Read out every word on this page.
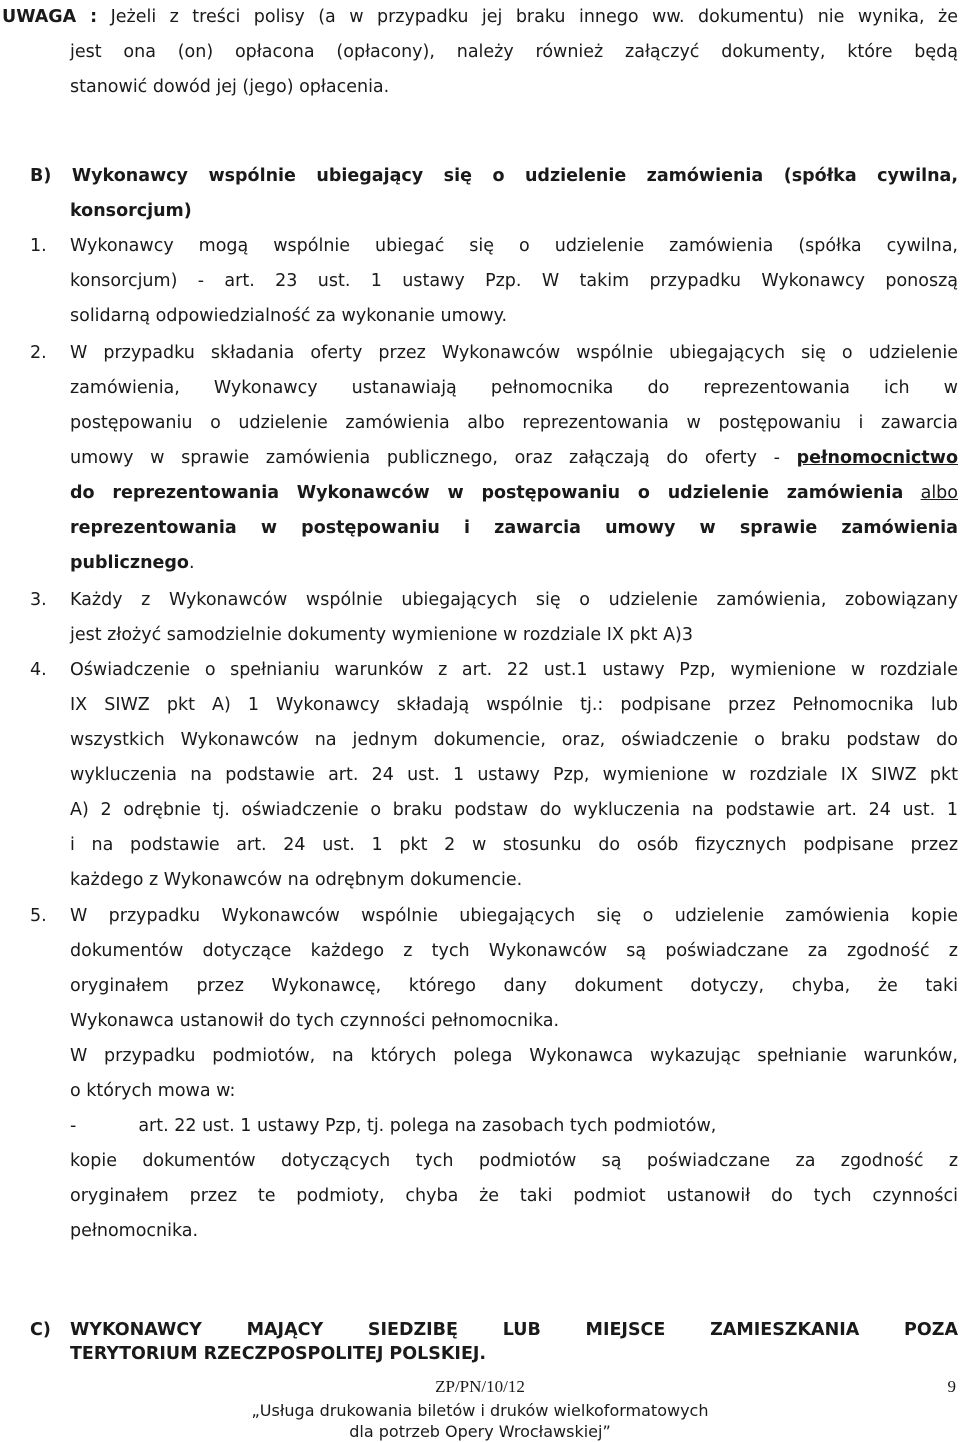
UWAGA : Jeżeli z treści polisy (a w przypadku jej braku innego ww. dokumentu) nie wynika, że
jest ona (on) opłacona (opłacony), należy również załączyć dokumenty, które będą
stanowić dowód jej (jego) opłacenia.
B) Wykonawcy wspólnie ubiegający się o udzielenie zamówienia (spółka cywilna,
konsorcjum)
1. Wykonawcy mogą wspólnie ubiegać się o udzielenie zamówienia (spółka cywilna,
konsorcjum) - art. 23 ust. 1 ustawy Pzp. W takim przypadku Wykonawcy ponoszą
solidarną odpowiedzialność za wykonanie umowy.
2. W przypadku składania oferty przez Wykonawców wspólnie ubiegających się o udzielenie
zamówienia, Wykonawcy ustanawiają pełnomocnika do reprezentowania ich w
postępowaniu o udzielenie zamówienia albo reprezentowania w postępowaniu i zawarcia
umowy w sprawie zamówienia publicznego, oraz załączają do oferty - pełnomocnictwo
do reprezentowania Wykonawców w postępowaniu o udzielenie zamówienia albo
reprezentowania w postępowaniu i zawarcia umowy w sprawie zamówienia
publicznego.
3. Każdy z Wykonawców wspólnie ubiegających się o udzielenie zamówienia, zobowiązany
jest złożyć samodzielnie dokumenty wymienione w rozdziale IX pkt A)3
4. Oświadczenie o spełnianiu warunków z art. 22 ust.1 ustawy Pzp, wymienione w rozdziale
IX SIWZ pkt A) 1 Wykonawcy składają wspólnie tj.: podpisane przez Pełnomocnika lub
wszystkich Wykonawców na jednym dokumencie, oraz, oświadczenie o braku podstaw do
wykluczenia na podstawie art. 24 ust. 1 ustawy Pzp, wymienione w rozdziale IX SIWZ pkt
A) 2 odrębnie tj. oświadczenie o braku podstaw do wykluczenia na podstawie art. 24 ust. 1
i na podstawie art. 24 ust. 1 pkt 2 w stosunku do osób fizycznych podpisane przez
każdego z Wykonawców na odrębnym dokumencie.
5. W przypadku Wykonawców wspólnie ubiegających się o udzielenie zamówienia kopie
dokumentów dotyczące każdego z tych Wykonawców są poświadczane za zgodność z
oryginałem przez Wykonawcę, którego dany dokument dotyczy, chyba, że taki
Wykonawca ustanowił do tych czynności pełnomocnika.
W przypadku podmiotów, na których polega Wykonawca wykazując spełnianie warunków,
o których mowa w:
-	art. 22 ust. 1 ustawy Pzp, tj. polega na zasobach tych podmiotów,
kopie dokumentów dotyczących tych podmiotów są poświadczane za zgodność z
oryginałem przez te podmioty, chyba że taki podmiot ustanowił do tych czynności
pełnomocnika.
C) WYKONAWCY MAJĄCY SIEDZIBĘ LUB MIEJSCE ZAMIESZKANIA POZA
TERYTORIUM RZECZPOSPOLITEJ POLSKIEJ.
ZP/PN/10/12	9
„Usługa drukowania biletów i druków wielkoformatowych
dla potrzeb Opery Wrocławskiej”
